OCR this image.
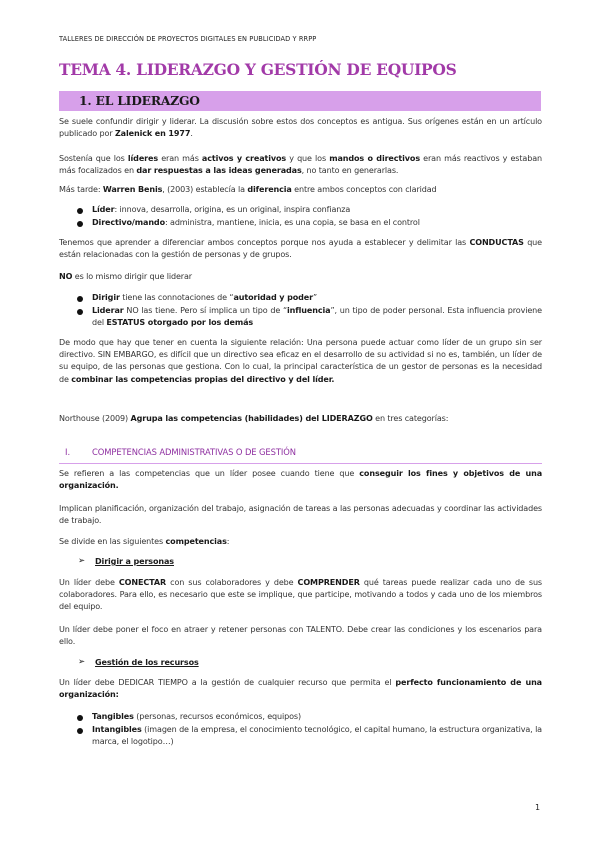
TALLERES DE DIRECCIÓN DE PROYECTOS DIGITALES EN PUBLICIDAD Y RRPP
TEMA 4. LIDERAZGO Y GESTIÓN DE EQUIPOS
1. EL LIDERAZGO

Se suele confundir dirigir y liderar. La discusión sobre estos dos conceptos es antigua. Sus orígenes están en un artículo publicado por Zalenick en 1977.

Sostenía que los líderes eran más activos y creativos y que los mandos o directivos eran más reactivos y estaban más focalizados en dar respuestas a las ideas generadas, no tanto en generarlas.

Más tarde: Warren Benis, (2003) establecía la diferencia entre ambos conceptos con claridad

Líder: innova, desarrolla, origina, es un original, inspira confianza
Directivo/mando: administra, mantiene, inicia, es una copia, se basa en el control

Tenemos que aprender a diferenciar ambos conceptos porque nos ayuda a establecer y delimitar las CONDUCTAS que están relacionadas con la gestión de personas y de grupos.

NO es lo mismo dirigir que liderar

Dirigir tiene las connotaciones de “autoridad y poder”
Liderar NO las tiene. Pero sí implica un tipo de “influencia”, un tipo de poder personal. Esta influencia proviene del ESTATUS otorgado por los demás

De modo que hay que tener en cuenta la siguiente relación: Una persona puede actuar como líder de un grupo sin ser directivo. SIN EMBARGO, es difícil que un directivo sea eficaz en el desarrollo de su actividad si no es, también, un líder de su equipo, de las personas que gestiona. Con lo cual, la principal característica de un gestor de personas es la necesidad de combinar las competencias propias del directivo y del líder.

Northouse (2009) Agrupa las competencias (habilidades) del LIDERAZGO en tres categorías:

I.	COMPETENCIAS ADMINISTRATIVAS O DE GESTIÓN

Se refieren a las competencias que un líder posee cuando tiene que conseguir los fines y objetivos de una organización.

Implican planificación, organización del trabajo, asignación de tareas a las personas adecuadas y coordinar las actividades de trabajo.

Se divide en las siguientes competencias:

➢ Dirigir a personas

Un líder debe CONECTAR con sus colaboradores y debe COMPRENDER qué tareas puede realizar cada uno de sus colaboradores. Para ello, es necesario que este se implique, que participe, motivando a todos y cada uno de los miembros del equipo.

Un líder debe poner el foco en atraer y retener personas con TALENTO. Debe crear las condiciones y los escenarios para ello.

➢ Gestión de los recursos

Un líder debe DEDICAR TIEMPO a la gestión de cualquier recurso que permita el perfecto funcionamiento de una organización:

Tangibles (personas, recursos económicos, equipos)
Intangibles (imagen de la empresa, el conocimiento tecnológico, el capital humano, la estructura organizativa, la marca, el logotipo…)
1
